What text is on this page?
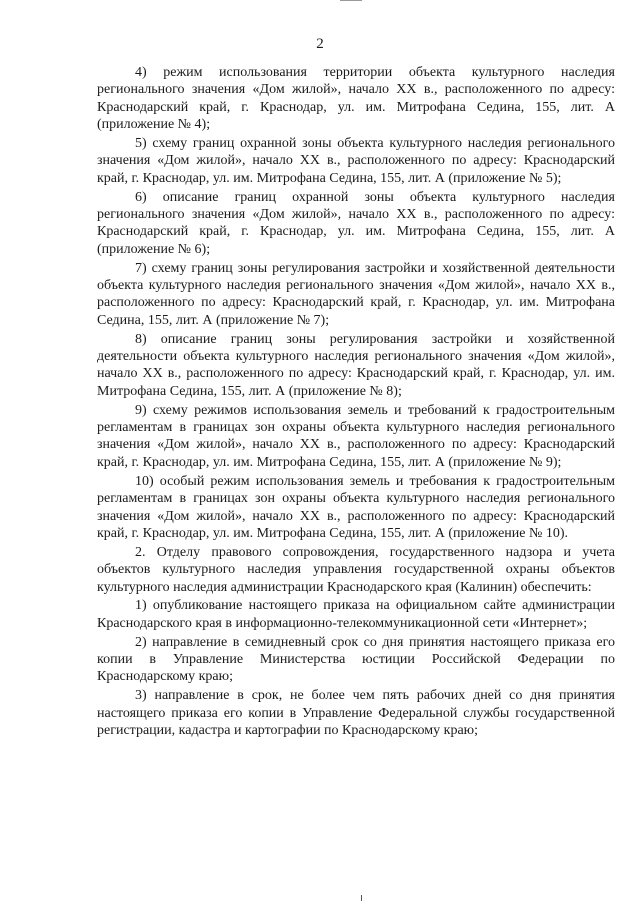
2

4) режим использования территории объекта культурного наследия регионального значения «Дом жилой», начало XX в., расположенного по адресу: Краснодарский край, г. Краснодар, ул. им. Митрофана Седина, 155, лит. А (приложение № 4);

5) схему границ охранной зоны объекта культурного наследия регионального значения «Дом жилой», начало XX в., расположенного по адресу: Краснодарский край, г. Краснодар, ул. им. Митрофана Седина, 155, лит. А (приложение № 5);

6) описание границ охранной зоны объекта культурного наследия регионального значения «Дом жилой», начало XX в., расположенного по адресу: Краснодарский край, г. Краснодар, ул. им. Митрофана Седина, 155, лит. А (приложение № 6);

7) схему границ зоны регулирования застройки и хозяйственной деятельности объекта культурного наследия регионального значения «Дом жилой», начало XX в., расположенного по адресу: Краснодарский край, г. Краснодар, ул. им. Митрофана Седина, 155, лит. А (приложение № 7);

8) описание границ зоны регулирования застройки и хозяйственной деятельности объекта культурного наследия регионального значения «Дом жилой», начало XX в., расположенного по адресу: Краснодарский край, г. Краснодар, ул. им. Митрофана Седина, 155, лит. А (приложение № 8);

9) схему режимов использования земель и требований к градостроительным регламентам в границах зон охраны объекта культурного наследия регионального значения «Дом жилой», начало XX в., расположенного по адресу: Краснодарский край, г. Краснодар, ул. им. Митрофана Седина, 155, лит. А (приложение № 9);

10) особый режим использования земель и требования к градостроительным регламентам в границах зон охраны объекта культурного наследия регионального значения «Дом жилой», начало XX в., расположенного по адресу: Краснодарский край, г. Краснодар, ул. им. Митрофана Седина, 155, лит. А (приложение № 10).

2. Отделу правового сопровождения, государственного надзора и учета объектов культурного наследия управления государственной охраны объектов культурного наследия администрации Краснодарского края (Калинин) обеспечить:

1) опубликование настоящего приказа на официальном сайте администрации Краснодарского края в информационно-телекоммуникационной сети «Интернет»;

2) направление в семидневный срок со дня принятия настоящего приказа его копии в Управление Министерства юстиции Российской Федерации по Краснодарскому краю;

3) направление в срок, не более чем пять рабочих дней со дня принятия настоящего приказа его копии в Управление Федеральной службы государственной регистрации, кадастра и картографии по Краснодарскому краю;
